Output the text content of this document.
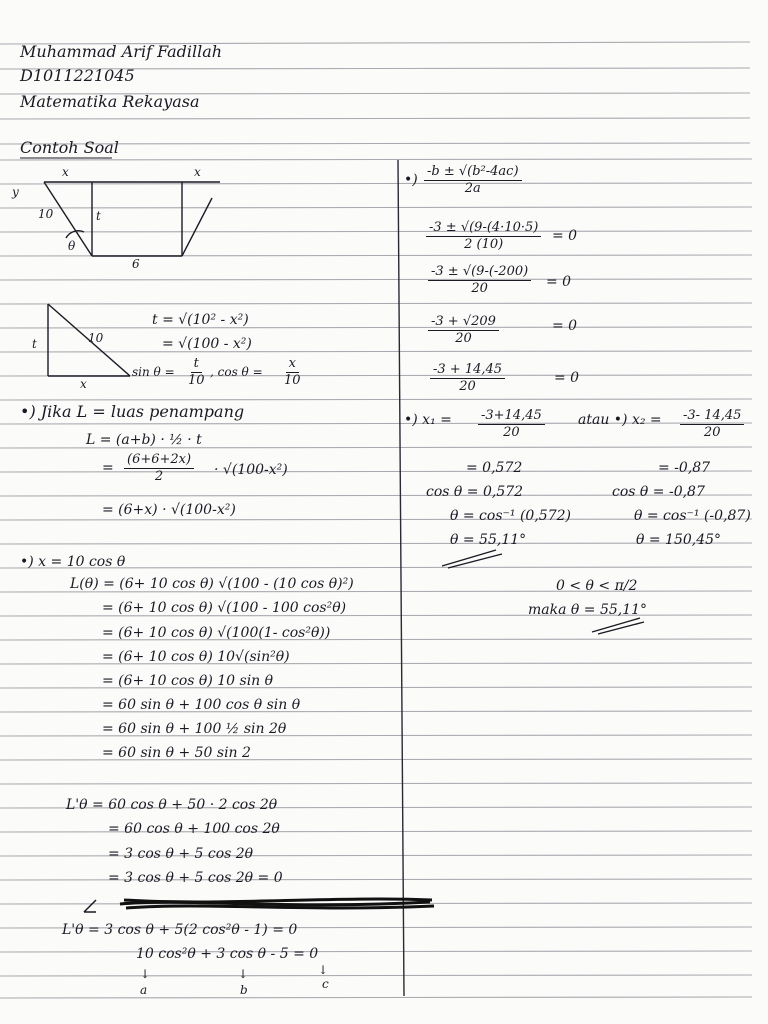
Muhammad Arif Fadillah
D1011221045
Matematika Rekayasa
Contoh Soal
x	x
y
10	t
θ
6
t	10
x
t = √(10² - x²)
= √(100 - x²)
$\sin \theta = \frac{t}{10}$ , $\cos \theta = \frac{x}{10}$
•) Jika L = luas penampang
L = (a+b) · ½ · t
= $\frac{(6+6+2x)}{2} \cdot √(100-x^2)$
= (6+x) · √(100-x²)
•) x = 10 cos θ
L(θ) = (6+ 10 cos θ) √(100 - (10 cos θ)²)
= (6+ 10 cos θ) √(100 - 100 cos²θ)
= (6+ 10 cos θ) √(100(1- cos²θ))
= (6+ 10 cos θ) 10√(sin²θ)
= (6+ 10 cos θ) 10 sin θ
= 60 sin θ + 100 cos θ sin θ
= 60 sin θ + 100 ½ sin 2θ
= 60 sin θ + 50 sin 2
L'θ = 60 cos θ + 50 · 2 cos 2θ
= 60 cos θ + 100 cos 2θ
= 3 cos θ + 5 cos 2θ
= 3 cos θ + 5 cos 2θ = 0
L'θ = 3 cos θ + 5(2 cos²θ - 1) = 0
10 cos²θ + 3 cos θ - 5 = 0
↓
a
↓
b
↓
c
•) $\frac{\text{-b ± √(b²-4ac)}}{2a}$
$\frac{-3 \pm √(9-(4\cdot 10\cdot 5)}{2 (10)} = 0$
$\frac{-3 \pm √(9-(-200)}{20} = 0$
$\frac{-3 + √209}{20}$	= 0
$\frac{-3 + 14,45}{20}$	= 0
•) $x_1 = \frac{-3+14,45}{20}$ atau •) $x_2 = \frac{-3- 14,45}{20}$
= 0,572	= -0,87
cos θ = 0,572	cos θ = -0,87
θ = cos⁻¹ (0,572)	θ = cos⁻¹ (-0,87)
θ = 55,11°	θ = 150,45°
0 < θ < π/2
maka θ = 55,11°
